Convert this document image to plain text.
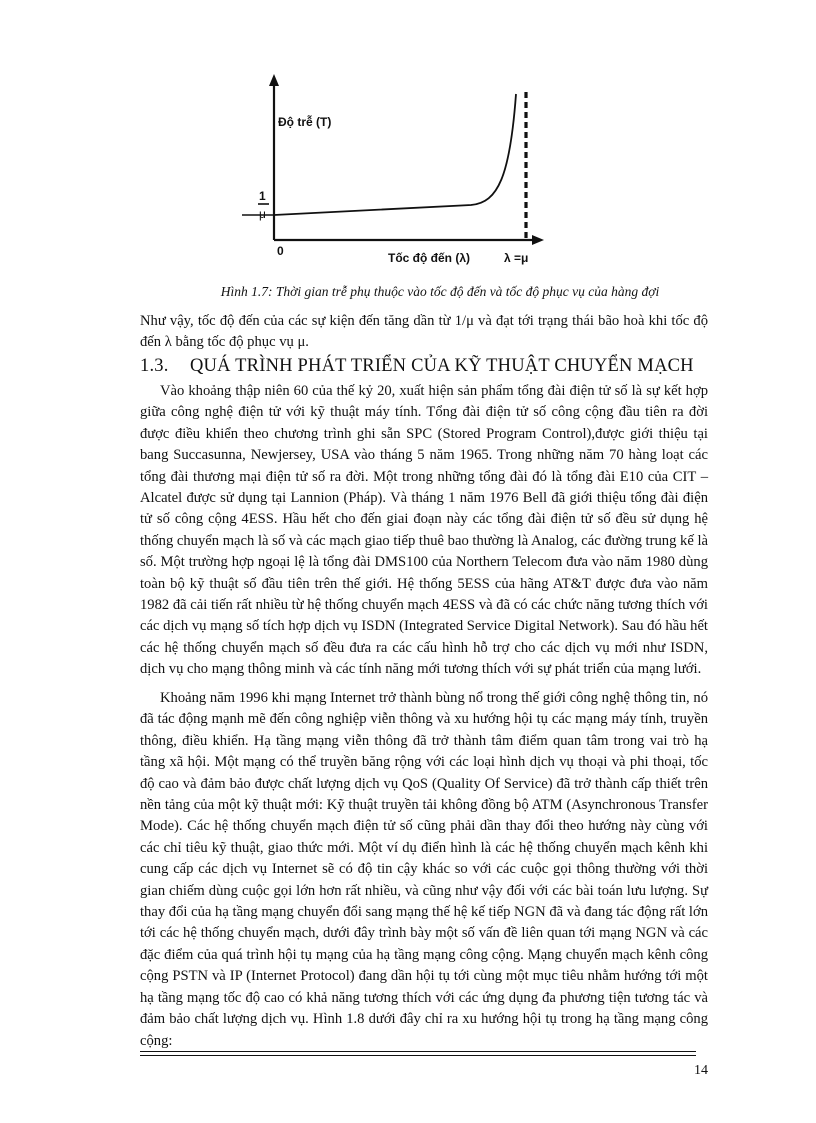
Độ trễ (T)
Tốc độ đến (λ)
0
1
μ
λ =μ
Hình 1.7: Thời gian trễ phụ thuộc vào tốc độ đến và tốc độ phục vụ của hàng đợi

Như vậy, tốc độ đến của các sự kiện đến tăng dần từ 1/μ và đạt tới trạng thái bão hoà khi tốc độ đến λ bằng tốc độ phục vụ μ.

1.3. QUÁ TRÌNH PHÁT TRIỂN CỦA KỸ THUẬT CHUYỂN MẠCH

Vào khoảng thập niên 60 của thế kỷ 20, xuất hiện sản phẩm tổng đài điện tử số là sự kết hợp giữa công nghệ điện tử với kỹ thuật máy tính. Tổng đài điện tử số công cộng đầu tiên ra đời được điều khiển theo chương trình ghi sẵn SPC (Stored Program Control),được giới thiệu tại bang Succasunna, Newjersey, USA vào tháng 5 năm 1965. Trong những năm 70 hàng loạt các tổng đài thương mại điện tử số ra đời. Một trong những tổng đài đó là tổng đài E10 của CIT –Alcatel được sử dụng tại Lannion (Pháp). Và tháng 1 năm 1976 Bell đã giới thiệu tổng đài điện tử số công cộng 4ESS. Hầu hết cho đến giai đoạn này các tổng đài điện tử số đều sử dụng hệ thống chuyển mạch là số và các mạch giao tiếp thuê bao thường là Analog, các đường trung kế là số. Một trường hợp ngoại lệ là tổng đài DMS100 của Northern Telecom đưa vào năm 1980 dùng toàn bộ kỹ thuật số đầu tiên trên thế giới. Hệ thống 5ESS của hãng AT&T được đưa vào năm 1982 đã cải tiến rất nhiều từ hệ thống chuyển mạch 4ESS và đã có các chức năng tương thích với các dịch vụ mạng số tích hợp dịch vụ ISDN (Integrated Service Digital Network). Sau đó hầu hết các hệ thống chuyển mạch số đều đưa ra các cấu hình hỗ trợ cho các dịch vụ mới như ISDN, dịch vụ cho mạng thông minh và các tính năng mới tương thích với sự phát triển của mạng lưới.

Khoảng năm 1996 khi mạng Internet trở thành bùng nổ trong thế giới công nghệ thông tin, nó đã tác động mạnh mẽ đến công nghiệp viễn thông và xu hướng hội tụ các mạng máy tính, truyền thông, điều khiển. Hạ tầng mạng viễn thông đã trở thành tâm điểm quan tâm trong vai trò hạ tầng xã hội. Một mạng có thể truyền băng rộng với các loại hình dịch vụ thoại và phi thoại, tốc độ cao và đảm bảo được chất lượng dịch vụ QoS (Quality Of Service) đã trở thành cấp thiết trên nền tảng của một kỹ thuật mới: Kỹ thuật truyền tải không đồng bộ ATM (Asynchronous Transfer Mode). Các hệ thống chuyển mạch điện tử số cũng phải dần thay đổi theo hướng này cùng với các chỉ tiêu kỹ thuật, giao thức mới. Một ví dụ điển hình là các hệ thống chuyển mạch kênh khi cung cấp các dịch vụ Internet sẽ có độ tin cậy khác so với các cuộc gọi thông thường với thời gian chiếm dùng cuộc gọi lớn hơn rất nhiều, và cũng như vậy đối với các bài toán lưu lượng. Sự thay đổi của hạ tầng mạng chuyển đổi sang mạng thế hệ kế tiếp NGN đã và đang tác động rất lớn tới các hệ thống chuyển mạch, dưới đây trình bày một số vấn đề liên quan tới mạng NGN và các đặc điểm của quá trình hội tụ mạng của hạ tầng mạng công cộng. Mạng chuyển mạch kênh công cộng PSTN và IP (Internet Protocol) đang dần hội tụ tới cùng một mục tiêu nhằm hướng tới một hạ tầng mạng tốc độ cao có khả năng tương thích với các ứng dụng đa phương tiện tương tác và đảm bảo chất lượng dịch vụ. Hình 1.8 dưới đây chỉ ra xu hướng hội tụ trong hạ tầng mạng công cộng:

14
